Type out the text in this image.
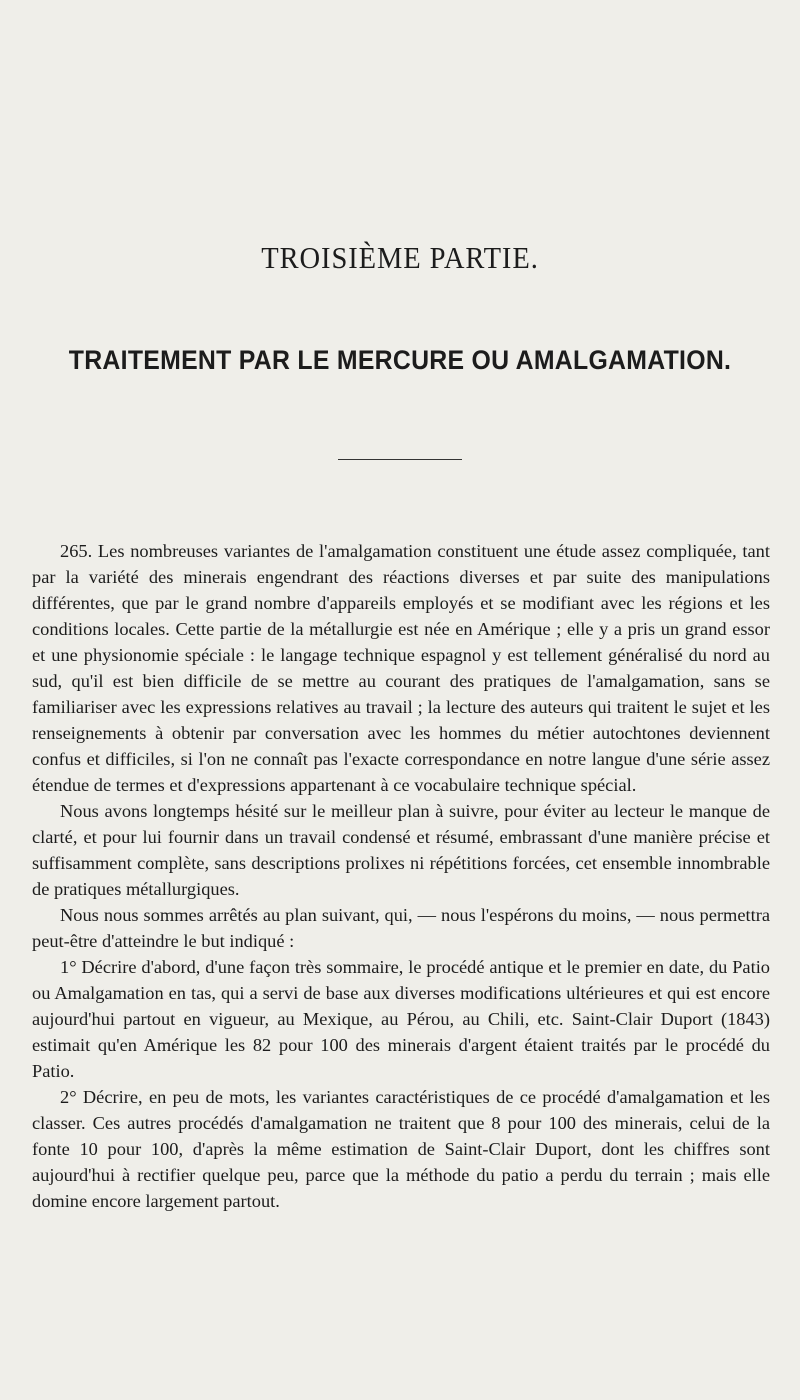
TROISIÈME PARTIE.
TRAITEMENT PAR LE MERCURE OU AMALGAMATION.

265. Les nombreuses variantes de l'amalgamation constituent une étude assez compliquée, tant par la variété des minerais engendrant des réactions diverses et par suite des manipulations différentes, que par le grand nombre d'appareils employés et se modifiant avec les régions et les conditions locales. Cette partie de la métallurgie est née en Amérique ; elle y a pris un grand essor et une physionomie spéciale : le langage technique espagnol y est tellement généralisé du nord au sud, qu'il est bien difficile de se mettre au courant des pratiques de l'amalgamation, sans se familiariser avec les expressions relatives au travail ; la lecture des auteurs qui traitent le sujet et les renseignements à obtenir par conversation avec les hommes du métier autochtones deviennent confus et difficiles, si l'on ne connaît pas l'exacte correspondance en notre langue d'une série assez étendue de termes et d'expressions appartenant à ce vocabulaire technique spécial.

Nous avons longtemps hésité sur le meilleur plan à suivre, pour éviter au lecteur le manque de clarté, et pour lui fournir dans un travail condensé et résumé, embrassant d'une manière précise et suffisamment complète, sans descriptions prolixes ni répétitions forcées, cet ensemble innombrable de pratiques métallurgiques.

Nous nous sommes arrêtés au plan suivant, qui, — nous l'espérons du moins, — nous permettra peut-être d'atteindre le but indiqué :

1° Décrire d'abord, d'une façon très sommaire, le procédé antique et le premier en date, du Patio ou Amalgamation en tas, qui a servi de base aux diverses modifications ultérieures et qui est encore aujourd'hui partout en vigueur, au Mexique, au Pérou, au Chili, etc. Saint-Clair Duport (1843) estimait qu'en Amérique les 82 pour 100 des minerais d'argent étaient traités par le procédé du Patio.

2° Décrire, en peu de mots, les variantes caractéristiques de ce procédé d'amalgamation et les classer. Ces autres procédés d'amalgamation ne traitent que 8 pour 100 des minerais, celui de la fonte 10 pour 100, d'après la même estimation de Saint-Clair Duport, dont les chiffres sont aujourd'hui à rectifier quelque peu, parce que la méthode du patio a perdu du terrain ; mais elle domine encore largement partout.
